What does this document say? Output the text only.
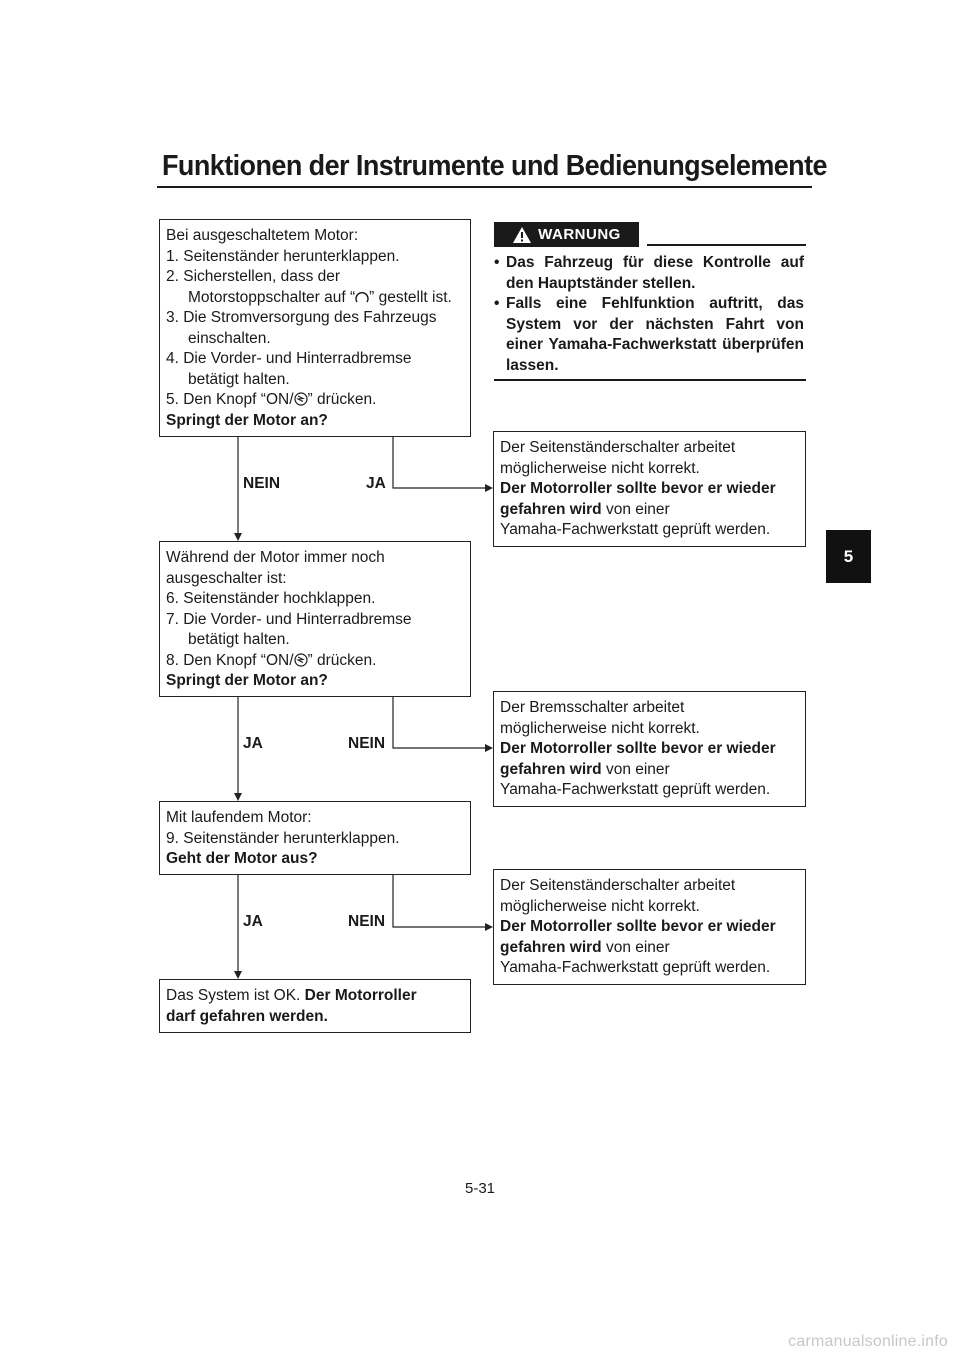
Funktionen der Instrumente und Bedienungselemente
5
Bei ausgeschaltetem Motor:
1. Seitenständer herunterklappen.
2. Sicherstellen, dass der
Motorstoppschalter auf “ ” gestellt ist.
3. Die Stromversorgung des Fahrzeugs
einschalten.
4. Die Vorder- und Hinterradbremse
betätigt halten.
5. Den Knopf “ON/ ” drücken.
Springt der Motor an?
WARNUNG
• Das Fahrzeug für diese Kontrolle auf den Hauptständer stellen.
• Falls eine Fehlfunktion auftritt, das System vor der nächsten Fahrt von einer Yamaha-Fachwerkstatt überprüfen lassen.
Der Seitenständerschalter arbeitet
möglicherweise nicht korrekt.
Der Motorroller sollte bevor er wieder
gefahren wird von einer
Yamaha-Fachwerkstatt geprüft werden.
Während der Motor immer noch
ausgeschalter ist:
6. Seitenständer hochklappen.
7. Die Vorder- und Hinterradbremse
betätigt halten.
8. Den Knopf “ON/ ” drücken.
Springt der Motor an?
Der Bremsschalter arbeitet
möglicherweise nicht korrekt.
Der Motorroller sollte bevor er wieder
gefahren wird von einer
Yamaha-Fachwerkstatt geprüft werden.
Mit laufendem Motor:
9. Seitenständer herunterklappen.
Geht der Motor aus?
Der Seitenständerschalter arbeitet
möglicherweise nicht korrekt.
Der Motorroller sollte bevor er wieder
gefahren wird von einer
Yamaha-Fachwerkstatt geprüft werden.
Das System ist OK. Der Motorroller
darf gefahren werden.
NEIN	JA
JA	NEIN
JA	NEIN
5-31
carmanualsonline.info
